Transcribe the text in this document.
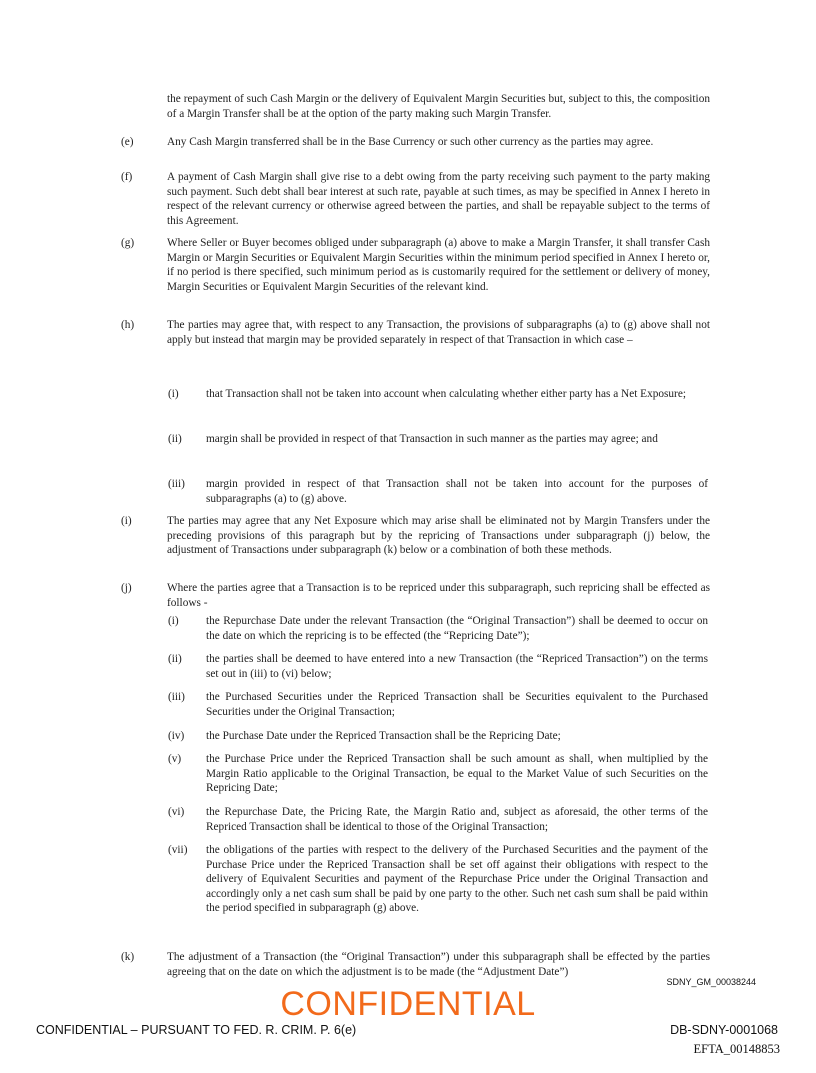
the repayment of such Cash Margin or the delivery of Equivalent Margin Securities but, subject to this, the composition of a Margin Transfer shall be at the option of the party making such Margin Transfer.

(e)	Any Cash Margin transferred shall be in the Base Currency or such other currency as the parties may agree.
(f)	A payment of Cash Margin shall give rise to a debt owing from the party receiving such payment to the party making such payment. Such debt shall bear interest at such rate, payable at such times, as may be specified in Annex I hereto in respect of the relevant currency or otherwise agreed between the parties, and shall be repayable subject to the terms of this Agreement.
(g)	Where Seller or Buyer becomes obliged under subparagraph (a) above to make a Margin Transfer, it shall transfer Cash Margin or Margin Securities or Equivalent Margin Securities within the minimum period specified in Annex I hereto or, if no period is there specified, such minimum period as is customarily required for the settlement or delivery of money, Margin Securities or Equivalent Margin Securities of the relevant kind.
(h)	The parties may agree that, with respect to any Transaction, the provisions of subparagraphs (a) to (g) above shall not apply but instead that margin may be provided separately in respect of that Transaction in which case –
(i) that Transaction shall not be taken into account when calculating whether either party has a Net Exposure;
(ii) margin shall be provided in respect of that Transaction in such manner as the parties may agree; and
(iii) margin provided in respect of that Transaction shall not be taken into account for the purposes of subparagraphs (a) to (g) above.
(i)	The parties may agree that any Net Exposure which may arise shall be eliminated not by Margin Transfers under the preceding provisions of this paragraph but by the repricing of Transactions under subparagraph (j) below, the adjustment of Transactions under subparagraph (k) below or a combination of both these methods.
(j)	Where the parties agree that a Transaction is to be repriced under this subparagraph, such repricing shall be effected as follows -
(i) the Repurchase Date under the relevant Transaction (the “Original Transaction”) shall be deemed to occur on the date on which the repricing is to be effected (the “Repricing Date”);
(ii) the parties shall be deemed to have entered into a new Transaction (the “Repriced Transaction”) on the terms set out in (iii) to (vi) below;
(iii) the Purchased Securities under the Repriced Transaction shall be Securities equivalent to the Purchased Securities under the Original Transaction;
(iv) the Purchase Date under the Repriced Transaction shall be the Repricing Date;
(v) the Purchase Price under the Repriced Transaction shall be such amount as shall, when multiplied by the Margin Ratio applicable to the Original Transaction, be equal to the Market Value of such Securities on the Repricing Date;
(vi) the Repurchase Date, the Pricing Rate, the Margin Ratio and, subject as aforesaid, the other terms of the Repriced Transaction shall be identical to those of the Original Transaction;
(vii) the obligations of the parties with respect to the delivery of the Purchased Securities and the payment of the Purchase Price under the Repriced Transaction shall be set off against their obligations with respect to the delivery of Equivalent Securities and payment of the Repurchase Price under the Original Transaction and accordingly only a net cash sum shall be paid by one party to the other. Such net cash sum shall be paid within the period specified in subparagraph (g) above.
(k)	The adjustment of a Transaction (the “Original Transaction”) under this subparagraph shall be effected by the parties agreeing that on the date on which the adjustment is to be made (the “Adjustment Date”)
SDNY_GM_00038244
CONFIDENTIAL
CONFIDENTIAL – PURSUANT TO FED. R. CRIM. P. 6(e)	DB-SDNY-0001068
EFTA_00148853
